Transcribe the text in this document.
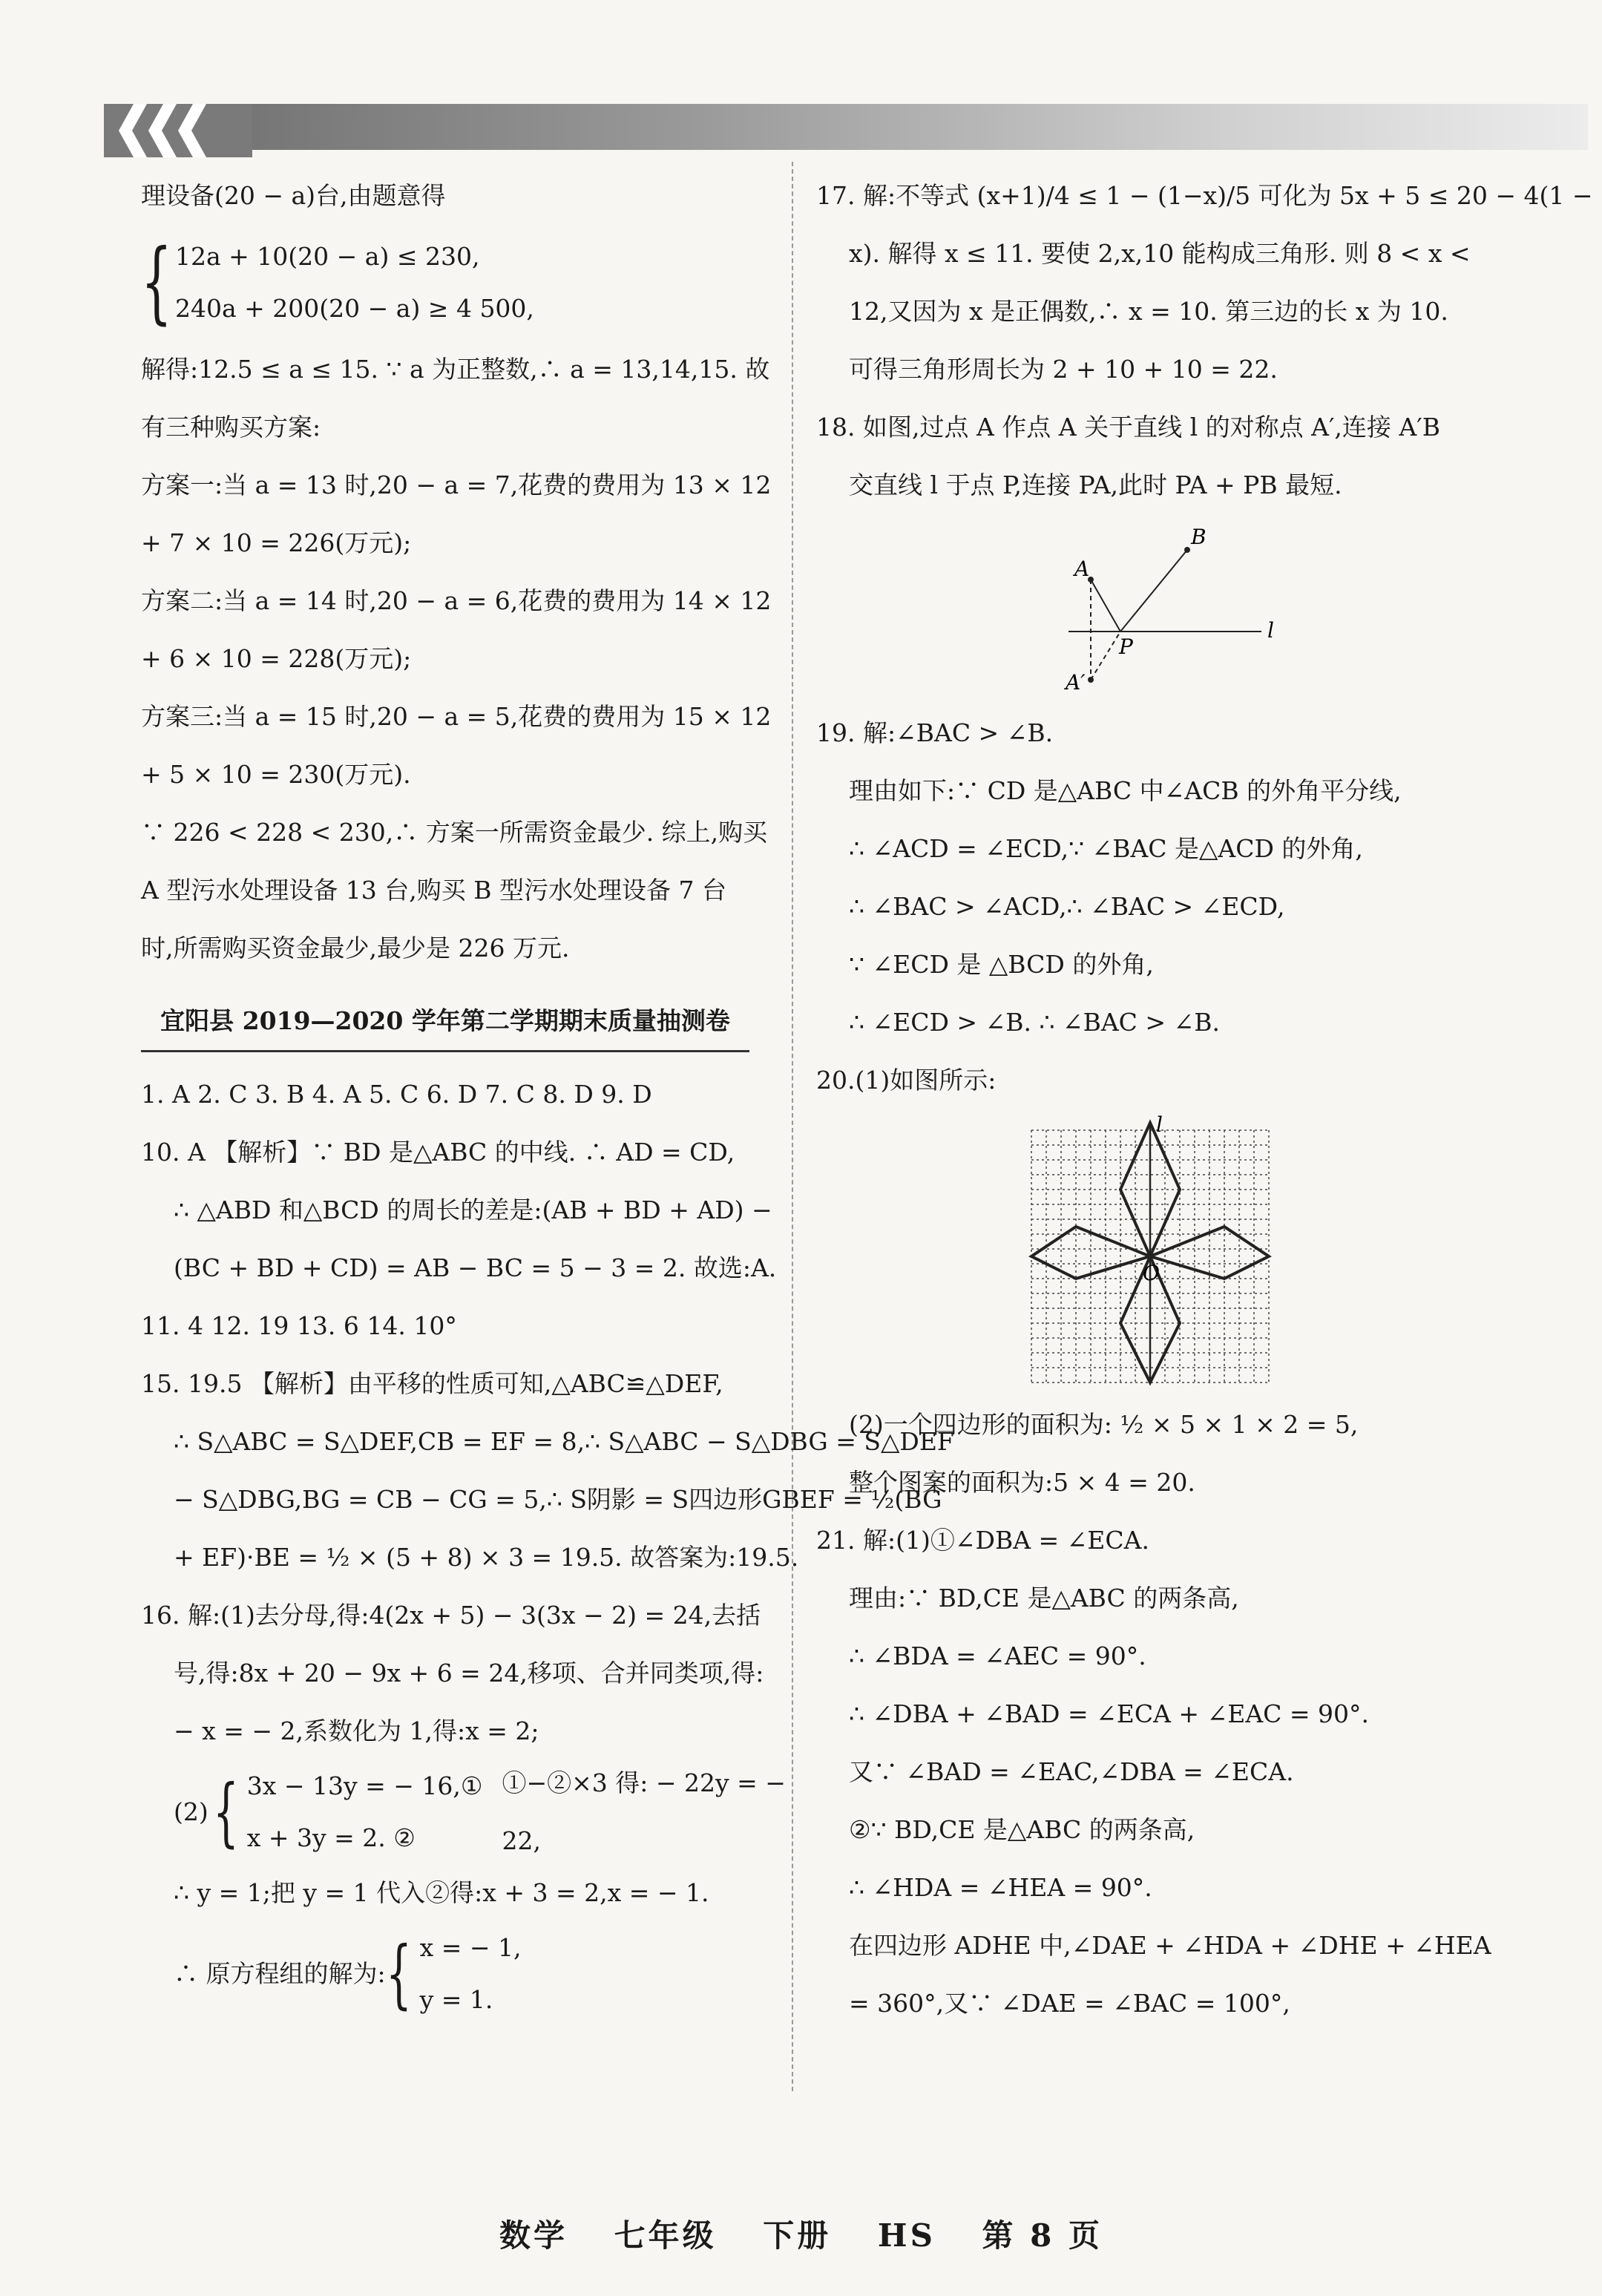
理设备(20 − a)台,由题意得
{ 12a + 10(20 − a) ≤ 230,
240a + 200(20 − a) ≥ 4 500,
解得:12.5 ≤ a ≤ 15. ∵ a 为正整数,∴ a = 13,14,15. 故
有三种购买方案:
方案一:当 a = 13 时,20 − a = 7,花费的费用为 13 × 12
+ 7 × 10 = 226(万元);
方案二:当 a = 14 时,20 − a = 6,花费的费用为 14 × 12
+ 6 × 10 = 228(万元);
方案三:当 a = 15 时,20 − a = 5,花费的费用为 15 × 12
+ 5 × 10 = 230(万元).
∵ 226 < 228 < 230,∴ 方案一所需资金最少. 综上,购买
A 型污水处理设备 13 台,购买 B 型污水处理设备 7 台
时,所需购买资金最少,最少是 226 万元.
宜阳县 2019—2020 学年第二学期期末质量抽测卷
1. A 2. C 3. B 4. A 5. C 6. D 7. C 8. D 9. D
10. A 【解析】∵ BD 是△ABC 的中线. ∴ AD = CD,
∴ △ABD 和△BCD 的周长的差是:(AB + BD + AD) −
(BC + BD + CD) = AB − BC = 5 − 3 = 2. 故选:A.
11. 4 12. 19 13. 6 14. 10°
15. 19.5 【解析】由平移的性质可知,△ABC≌△DEF,
∴ S△ABC = S△DEF,CB = EF = 8,∴ S△ABC − S△DBG = S△DEF
− S△DBG,BG = CB − CG = 5,∴ S阴影 = S四边形GBEF = ½(BG
+ EF)·BE = ½ × (5 + 8) × 3 = 19.5. 故答案为:19.5.
16. 解:(1)去分母,得:4(2x + 5) − 3(3x − 2) = 24,去括
号,得:8x + 20 − 9x + 6 = 24,移项、合并同类项,得:
− x = − 2,系数化为 1,得:x = 2;
(2) { 3x − 13y = − 16,①
x + 3y = 2. ②
①−②×3 得: − 22y = − 22,
∴ y = 1;把 y = 1 代入②得:x + 3 = 2,x = − 1.
∴ 原方程组的解为: { x = − 1,
y = 1.
17. 解:不等式 (x+1)/4 ≤ 1 − (1−x)/5 可化为 5x + 5 ≤ 20 − 4(1 −
x). 解得 x ≤ 11. 要使 2,x,10 能构成三角形. 则 8 < x <
12,又因为 x 是正偶数,∴ x = 10. 第三边的长 x 为 10.
可得三角形周长为 2 + 10 + 10 = 22.
18. 如图,过点 A 作点 A 关于直线 l 的对称点 A′,连接 A′B
交直线 l 于点 P,连接 PA,此时 PA + PB 最短.
A
B
P
A′
l
19. 解:∠BAC > ∠B.
理由如下:∵ CD 是△ABC 中∠ACB 的外角平分线,
∴ ∠ACD = ∠ECD,∵ ∠BAC 是△ACD 的外角,
∴ ∠BAC > ∠ACD,∴ ∠BAC > ∠ECD,
∵ ∠ECD 是 △BCD 的外角,
∴ ∠ECD > ∠B. ∴ ∠BAC > ∠B.
20.(1)如图所示:
l
O
(2)一个四边形的面积为: ½ × 5 × 1 × 2 = 5,
整个图案的面积为:5 × 4 = 20.
21. 解:(1)①∠DBA = ∠ECA.
理由:∵ BD,CE 是△ABC 的两条高,
∴ ∠BDA = ∠AEC = 90°.
∴ ∠DBA + ∠BAD = ∠ECA + ∠EAC = 90°.
又∵ ∠BAD = ∠EAC,∠DBA = ∠ECA.
②∵ BD,CE 是△ABC 的两条高,
∴ ∠HDA = ∠HEA = 90°.
在四边形 ADHE 中,∠DAE + ∠HDA + ∠DHE + ∠HEA
= 360°,又∵ ∠DAE = ∠BAC = 100°,
数学 七年级 下册 HS 第 8 页
